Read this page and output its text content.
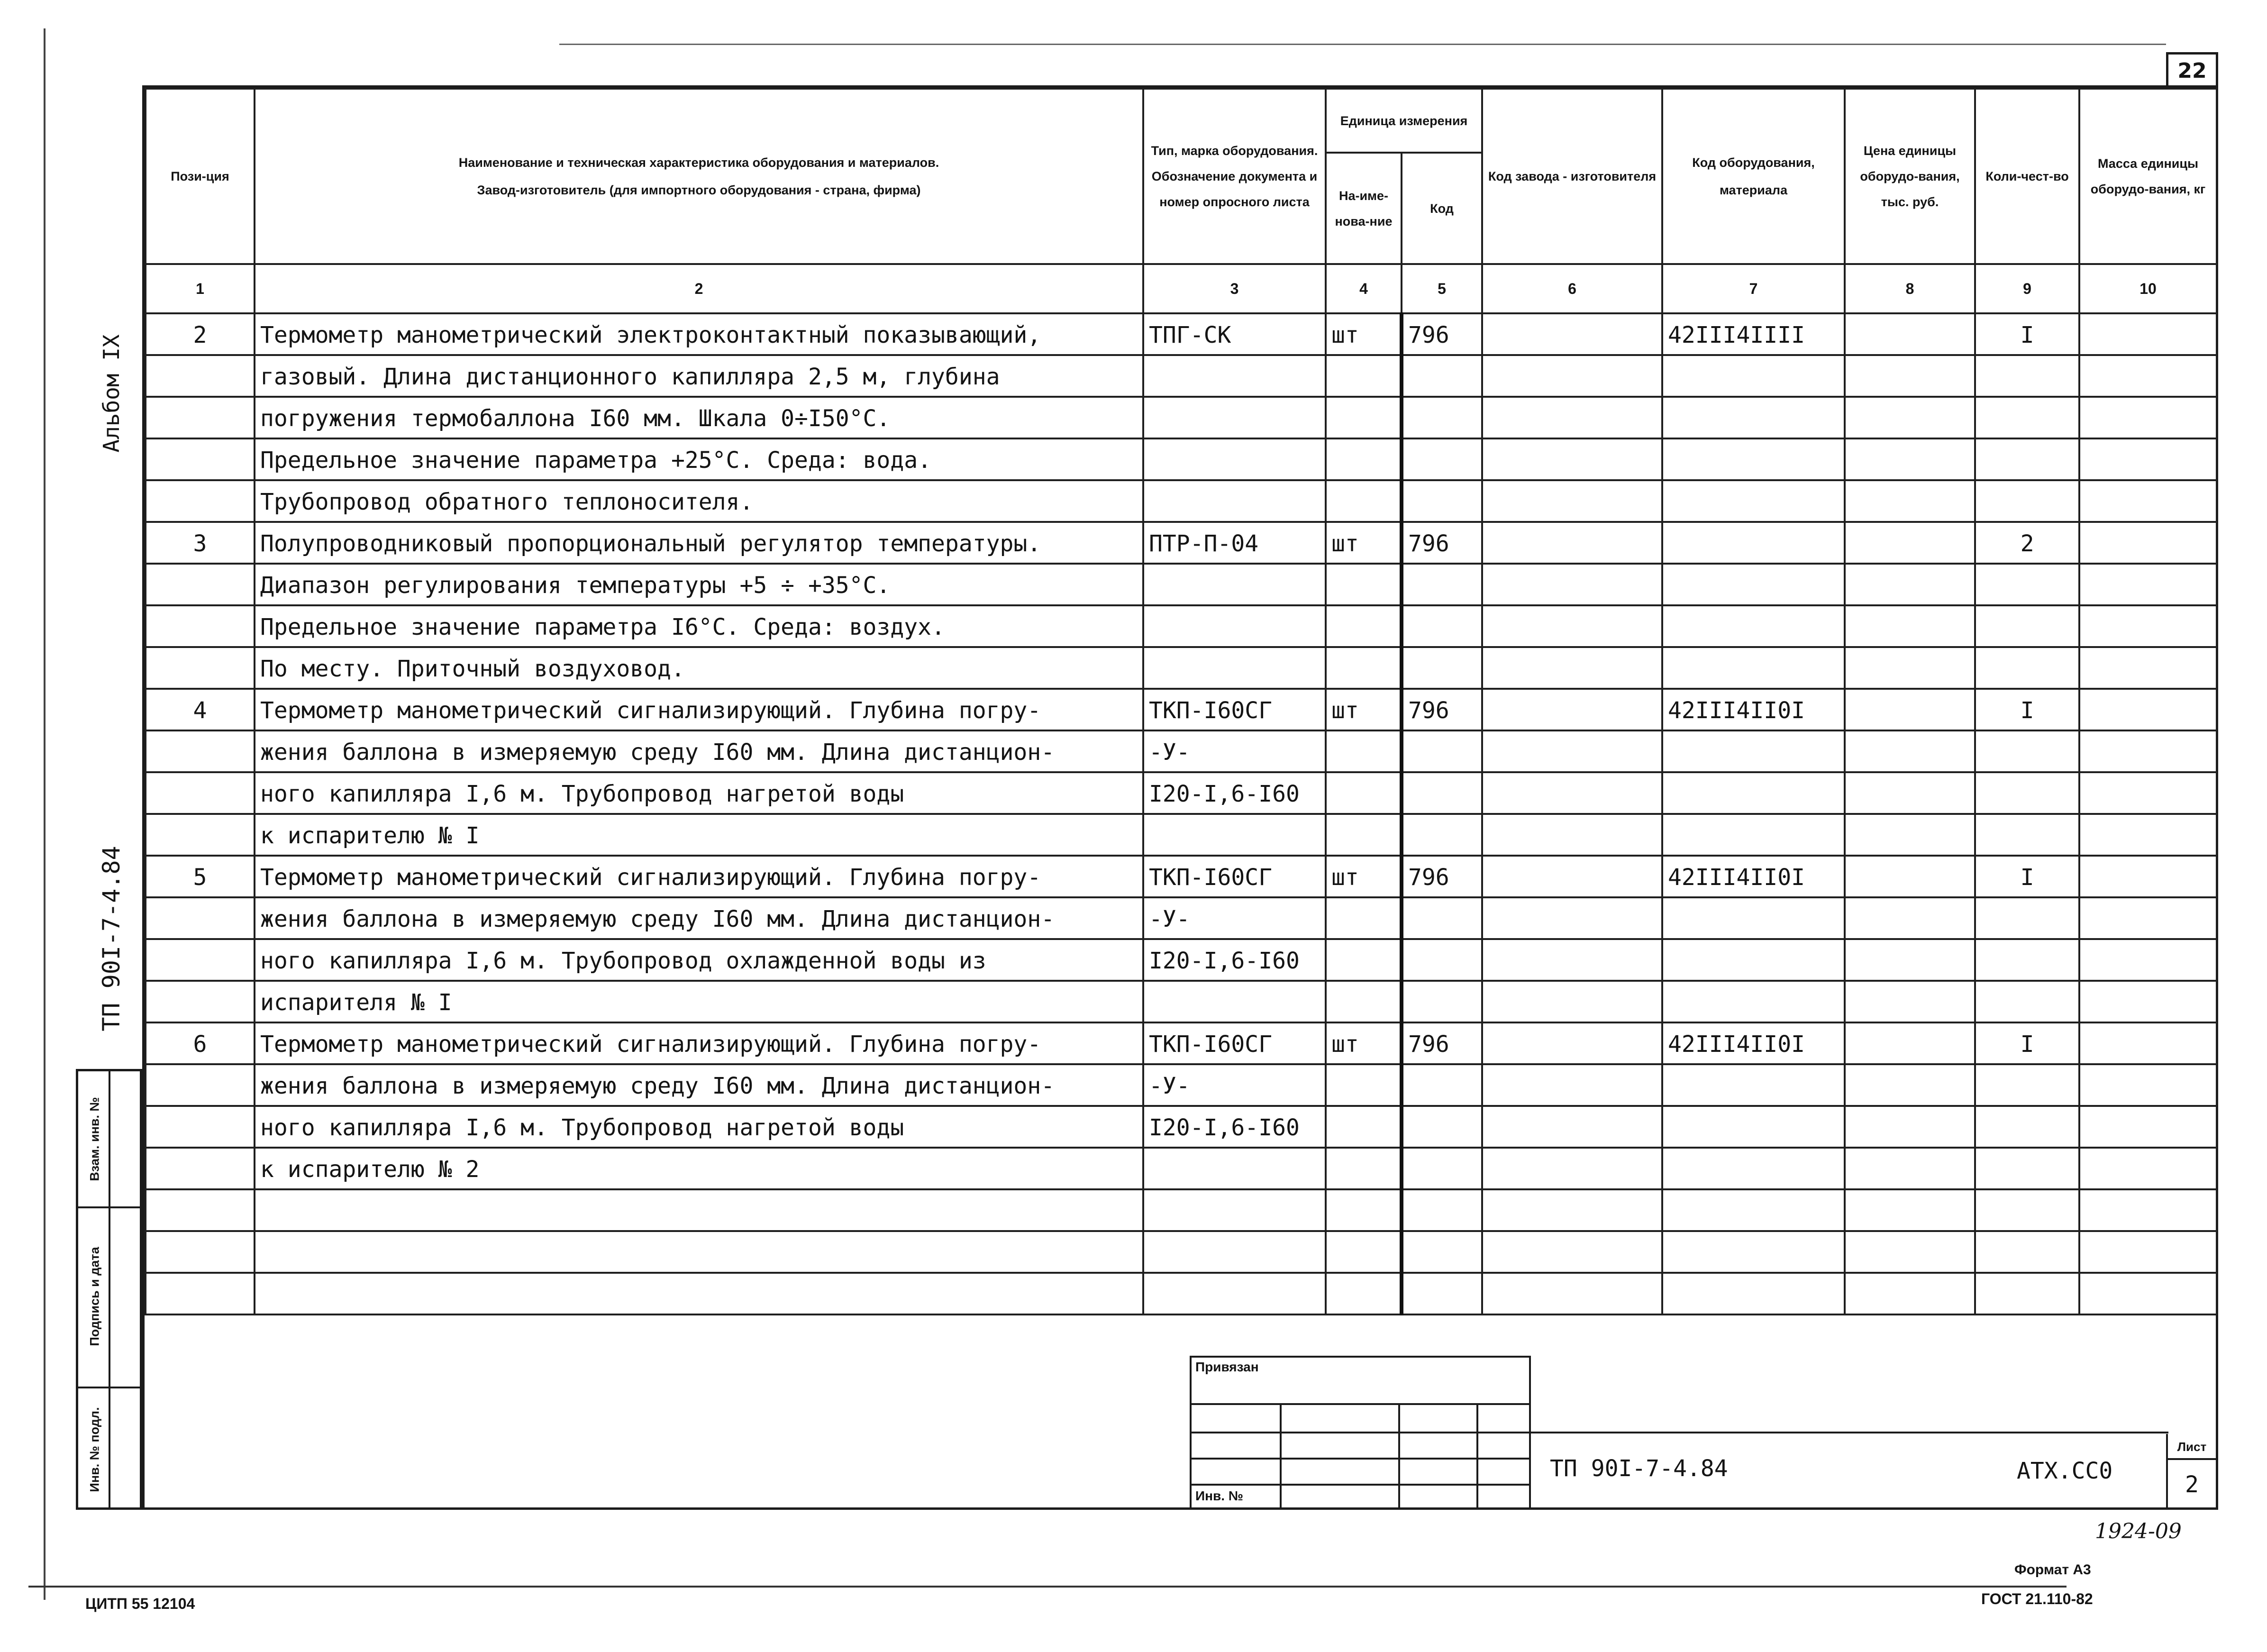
22
Пози-ция	Наименование и техническая характеристика оборудования и материалов.
Завод-изготовитель (для импортного оборудования - страна, фирма)	Тип, марка оборудования. Обозначение документа и номер опросного листа	Единица измерения		Код завода - изготовителя	Код оборудования, материала	Цена единицы оборудо-вания, тыс. руб.	Коли-чест-во	Масса единицы оборудо-вания, кг
			На-име-нова-ние	Код					
1	2	3	4	5	6	7	8	9	10
2	Термометр манометрический электроконтактный показывающий,	ТПГ-СК	шт	796		42III4IIII		I	
	газовый. Длина дистанционного капилляра 2,5 м, глубина								
	погружения термобаллона I60 мм. Шкала 0÷I50°С.								
	Предельное значение параметра +25°С. Среда: вода.								
	Трубопровод обратного теплоносителя.								
3	Полупроводниковый пропорциональный регулятор температуры.	ПТР-П-04	шт	796				2	
	Диапазон регулирования температуры +5 ÷ +35°С.								
	Предельное значение параметра I6°С. Среда: воздух.								
	По месту. Приточный воздуховод.								
4	Термометр манометрический сигнализирующий. Глубина погру-	ТКП-I60СГ	шт	796		42III4II0I		I	
	жения баллона в измеряемую среду I60 мм. Длина дистанцион-	-У-							
	ного капилляра I,6 м. Трубопровод нагретой воды	I20-I,6-I60							
	к испарителю № I								
5	Термометр манометрический сигнализирующий. Глубина погру-	ТКП-I60СГ	шт	796		42III4II0I		I	
	жения баллона в измеряемую среду I60 мм. Длина дистанцион-	-У-							
	ного капилляра I,6 м. Трубопровод охлажденной воды из	I20-I,6-I60							
	испарителя № I								
6	Термометр манометрический сигнализирующий. Глубина погру-	ТКП-I60СГ	шт	796		42III4II0I		I	
	жения баллона в измеряемую среду I60 мм. Длина дистанцион-	-У-							
	ного капилляра I,6 м. Трубопровод нагретой воды	I20-I,6-I60							
	к испарителю № 2								

Альбом IX
ТП 90I-7-4.84
Взам. инв. №
Подпись и дата
Инв. № подл.
Привязан
Инв. №
ТП 90I-7-4.84	АТХ.СС0
Лист
2
1924-09
Формат А3
ГОСТ 21.110-82
ЦИТП 55 12104
